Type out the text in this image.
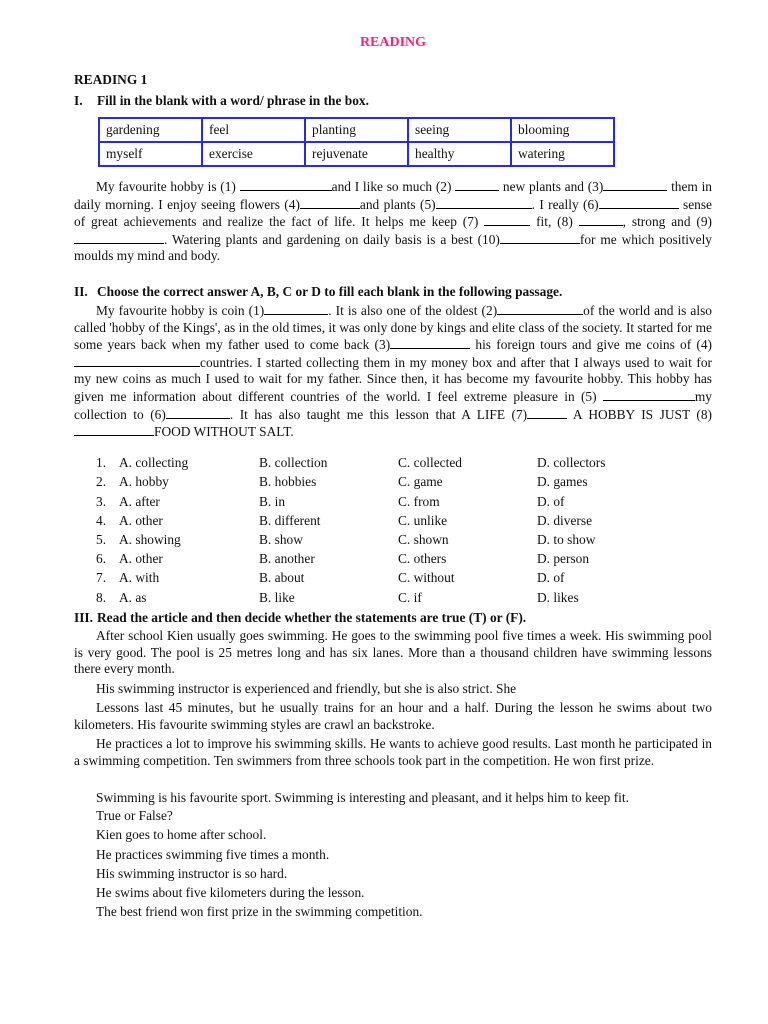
READING
READING 1
I.	Fill in the blank with a word/ phrase in the box.
gardening	feel	planting	seeing	blooming
myself	exercise	rejuvenate	healthy	watering

My favourite hobby is (1)	and I like so much (2)	new plants and (3)	them in daily morning. I enjoy seeing flowers (4)	and plants (5)	. I really (6)	sense of great achievements and realize the fact of life. It helps me keep (7)	fit, (8)	, strong and (9). Watering plants and gardening on daily basis is a best (10)	for me which positively moulds my mind and body.

II. Choose the correct answer A, B, C or D to fill each blank in the following passage.

My favourite hobby is coin (1)	. It is also one of the oldest (2)	of the world and is also called 'hobby of the Kings', as in the old times, it was only done by kings and elite class of the society. It started for me some years back when my father used to come back (3)	his foreign tours and give me coins of (4)countries. I started collecting them in my money box and after that I always used to wait for my new coins as much I used to wait for my father. Since then, it has become my favourite hobby. This hobby has given me information about different countries of the world. I feel extreme pleasure in (5)	my collection to (6)	. It has also taught me this lesson that A LIFE (7)	A HOBBY IS JUST (8)FOOD WITHOUT SALT.

1. A. collecting	B. collection	C. collected	D. collectors
2. A. hobby	B. hobbies	C. game	D. games
3. A. after	B. in	C. from	D. of
4. A. other	B. different	C. unlike	D. diverse
5. A. showing	B. show	C. shown	D. to show
6. A. other	B. another	C. others	D. person
7. A. with	B. about	C. without	D. of
8. A. as	B. like	C. if	D. likes
III. Read the article and then decide whether the statements are true (T) or (F).

After school Kien usually goes swimming. He goes to the swimming pool five times a week. His swimming pool is very good. The pool is 25 metres long and has six lanes. More than a thousand children have swimming lessons there every month.

His swimming instructor is experienced and friendly, but she is also strict. She

Lessons last 45 minutes, but he usually trains for an hour and a half. During the lesson he swims about two kilometers. His favourite swimming styles are crawl an backstroke.

He practices a lot to improve his swimming skills. He wants to achieve good results. Last month he participated in a swimming competition. Ten swimmers from three schools took part in the competition. He won first prize.

Swimming is his favourite sport. Swimming is interesting and pleasant, and it helps him to keep fit.

True or False?
Kien goes to home after school.
He practices swimming five times a month.
His swimming instructor is so hard.
He swims about five kilometers during the lesson.
The best friend won first prize in the swimming competition.
